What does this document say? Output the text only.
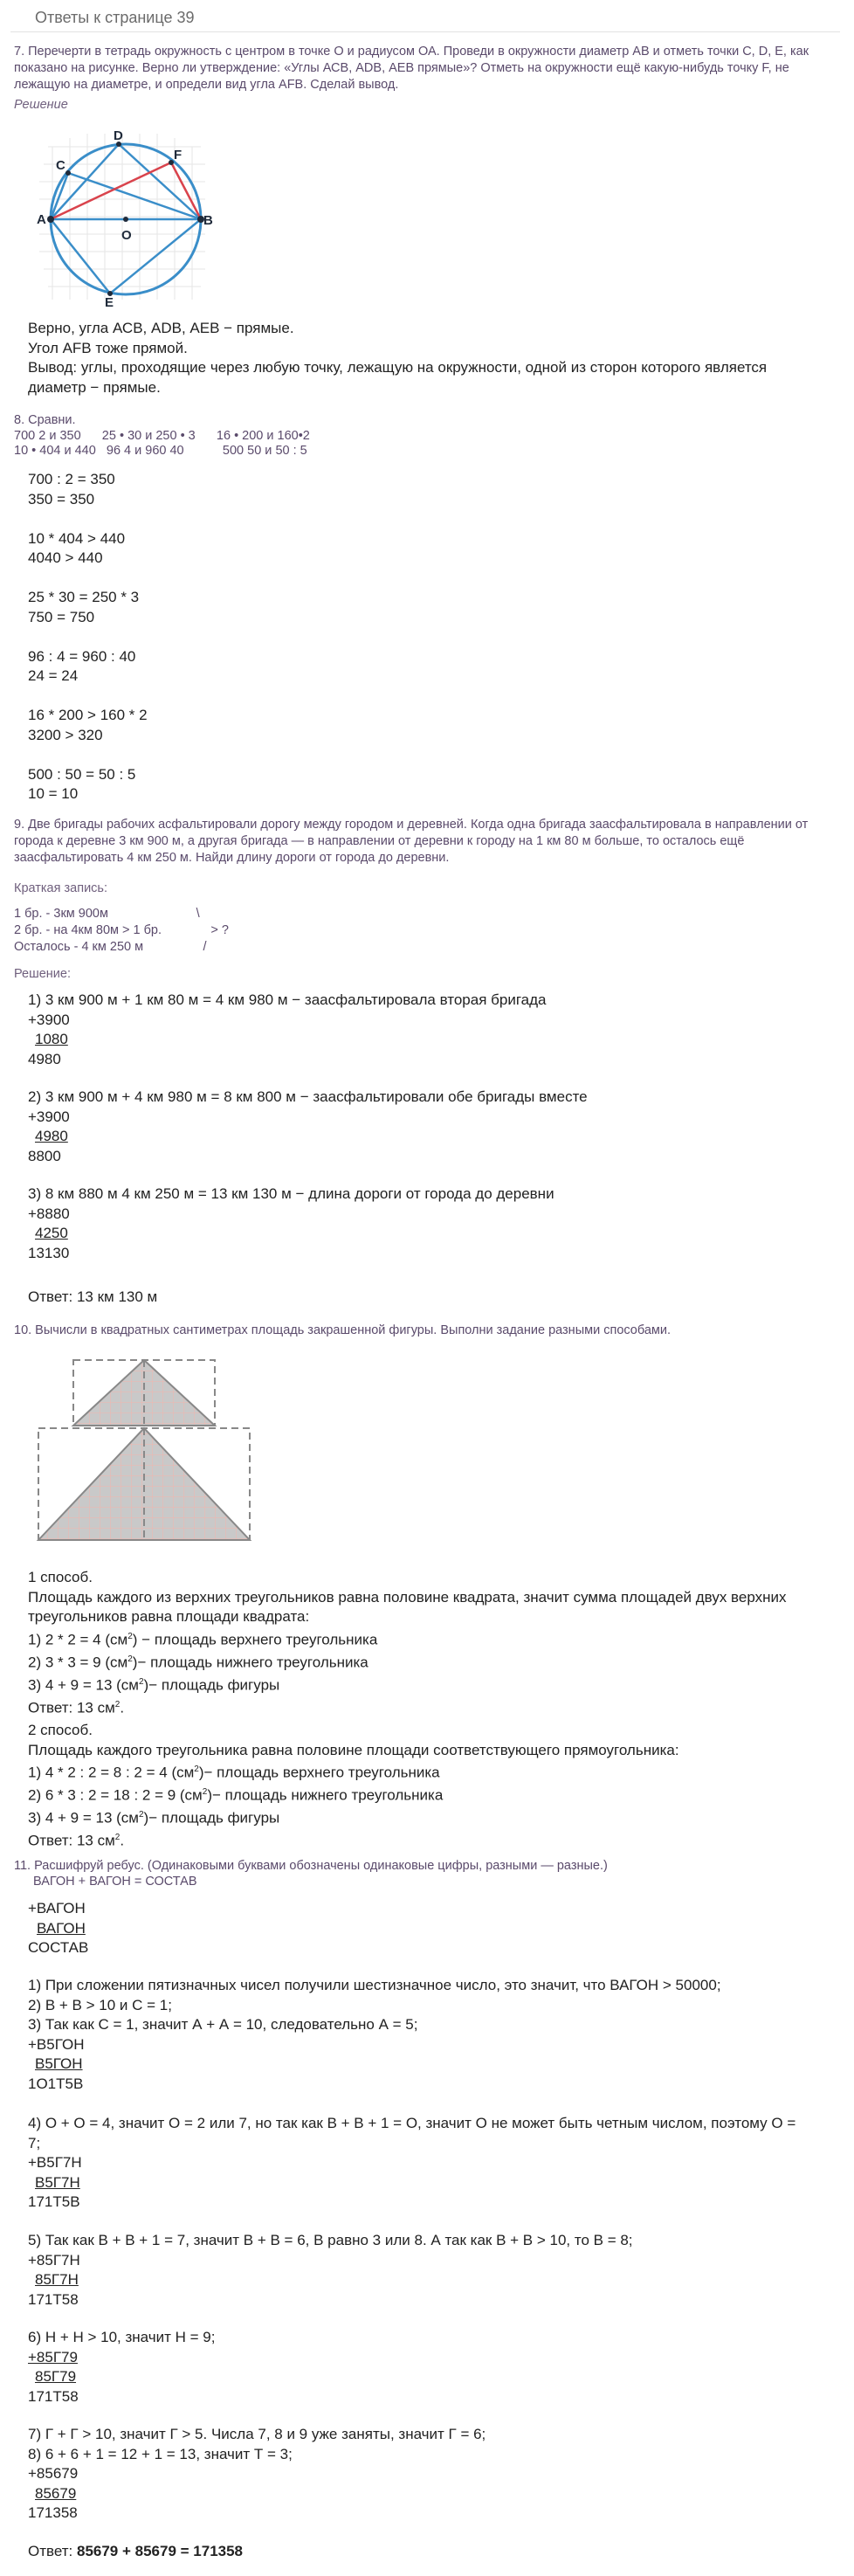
Ответы к странице 39
7. Перечерти в тетрадь окружность с центром в точке О и радиусом ОА. Проведи в окружности диаметр АВ и отметь точки С, D, Е, как показано на рисунке. Верно ли утверждение: «Углы АСВ, ADB, АЕВ прямые»? Отметь на окружности ещё какую-нибудь точку F, не лежащую на диаметре, и определи вид угла AFB. Сделай вывод.
Решение
A	B
C
D
F
E
O
Верно, угла АСВ, ADB, АЕВ − прямые.
Угол AFB тоже прямой.
Вывод: углы, проходящие через любую точку, лежащую на окружности, одной из сторон которого является
диаметр − прямые.
8. Сравни.
700 2 и 350      25 • 30 и 250 • 3      16 • 200 и 160•2
10 • 404 и 440   96 4 и 960 40           500 50 и 50 : 5
700 : 2 = 350
350 = 350

10 * 404 > 440
4040 > 440

25 * 30 = 250 * 3
750 = 750

96 : 4 = 960 : 40
24 = 24

16 * 200 > 160 * 2
3200 > 320

500 : 50 = 50 : 5
10 = 10
9. Две бригады рабочих асфальтировали дорогу между городом и деревней. Когда одна бригада заасфальтировала в направлении от города к деревне 3 км 900 м, а другая бригада — в направлении от деревни к городу на 1 км 80 м больше, то осталось ещё заасфальтировать 4 км 250 м. Найди длину дороги от города до деревни.
Краткая запись:
1 бр. - 3км 900м                         \
2 бр. - на 4км 80м > 1 бр.              > ?
Осталось - 4 км 250 м                 /
Решение:
1) 3 км 900 м + 1 км 80 м = 4 км 980 м − заасфальтировала вторая бригада
+3900
1080
4980
2) 3 км 900 м + 4 км 980 м = 8 км 800 м − заасфальтировали обе бригады вместе
+3900
4980
8800
3) 8 км 880 м 4 км 250 м = 13 км 130 м − длина дороги от города до деревни
+8880
4250
13130
Ответ: 13 км 130 м
10. Вычисли в квадратных сантиметрах площадь закрашенной фигуры. Выполни задание разными способами.
1 способ.
Площадь каждого из верхних треугольников равна половине квадрата, значит сумма площадей двух верхних
треугольников равна площади квадрата:
1) 2 * 2 = 4 $(см^2)$ − площадь верхнего треугольника
2) 3 * 3 = 9 $(см^2)-$ площадь нижнего треугольника
3) 4 + 9 = 13 $(см^2)-$ площадь фигуры
Ответ: 13 $см^2$.
2 способ.
Площадь каждого треугольника равна половине площади соответствующего прямоугольника:
1) 4 * 2 : 2 = 8 : 2 = 4 $(см^2)-$ площадь верхнего треугольника
2) 6 * 3 : 2 = 18 : 2 = 9 $(см^2)-$ площадь нижнего треугольника
3) 4 + 9 = 13 $(см^2)-$ площадь фигуры
Ответ: 13 $см^2$.
11. Расшифруй ребус. (Одинаковыми буквами обозначены одинаковые цифры, разными — разные.)
ВАГОН + ВАГОН = СОСТАВ
+ВАГОН
ВАГОН
СОСТАВ
1) При сложении пятизначных чисел получили шестизначное число, это значит, что ВАГОН > 50000;
2) В + В > 10 и С = 1;
3) Так как С = 1, значит А + А = 10, следовательно А = 5;
+В5ГОН
В5ГОН
1О1Т5В
4) О + О = 4, значит О = 2 или 7, но так как В + В + 1 = О, значит О не может быть четным числом, поэтому О =
7;
+В5Г7Н
В5Г7Н
171Т5В
5) Так как В + В + 1 = 7, значит В + В = 6, В равно 3 или 8. А так как В + В > 10, то В = 8;
+85Г7Н
85Г7Н
171Т58
6) Н + Н > 10, значит Н = 9;
+85Г79
85Г79
171Т58
7) Г + Г > 10, значит Г > 5. Числа 7, 8 и 9 уже заняты, значит Г = 6;
8) 6 + 6 + 1 = 12 + 1 = 13, значит Т = 3;
+85679
85679
171358
Ответ: 85679 + 85679 = 171358
